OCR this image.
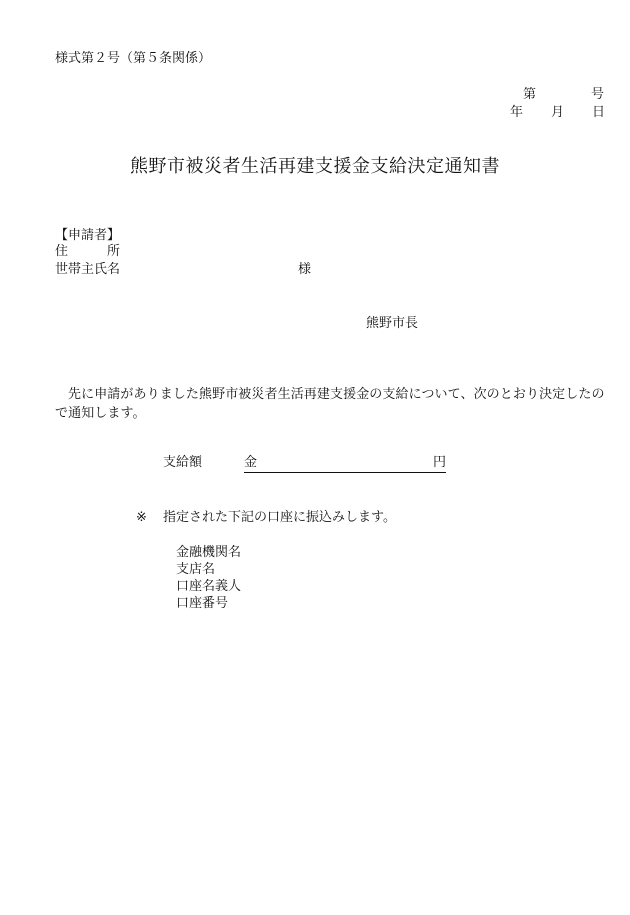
様式第２号（第５条関係）
第	号
年 月 日
熊野市被災者生活再建支援金支給決定通知書
【申請者】
住	所
世帯主氏名	様
熊野市長
先に申請がありました熊野市被災者生活再建支援金の支給について、次のとおり決定したので通知します。
支給額	金	円

※ 指定された下記の口座に振込みします。
金融機関名
支店名
口座名義人
口座番号
